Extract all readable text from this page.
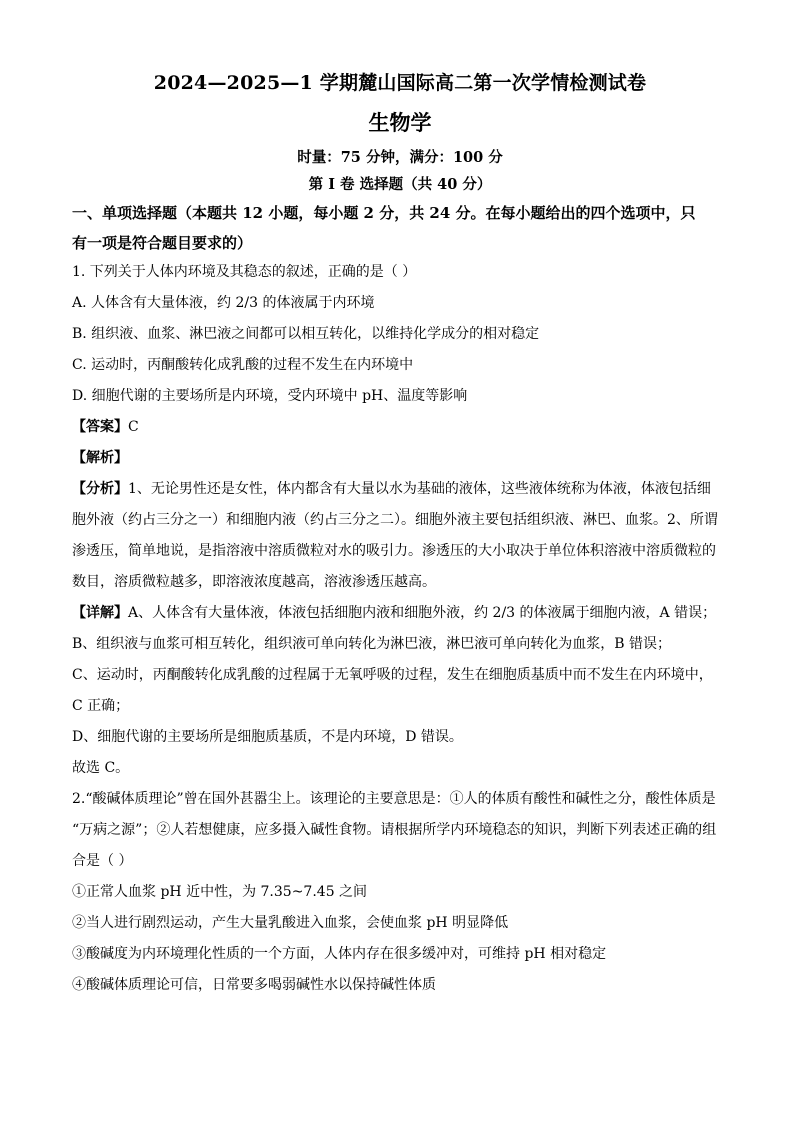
2024—2025—1 学期麓山国际高二第一次学情检测试卷
生物学

时量：75 分钟，满分：100 分

第 I 卷 选择题（共 40 分）

一、单项选择题（本题共 12 小题，每小题 2 分，共 24 分。在每小题给出的四个选项中，只

有一项是符合题目要求的）

1. 下列关于人体内环境及其稳态的叙述，正确的是（ ）

A. 人体含有大量体液，约 2/3 的体液属于内环境

B. 组织液、血浆、淋巴液之间都可以相互转化，以维持化学成分的相对稳定

C. 运动时，丙酮酸转化成乳酸的过程不发生在内环境中

D. 细胞代谢的主要场所是内环境，受内环境中 pH、温度等影响

【答案】C

【解析】

【分析】1、无论男性还是女性，体内都含有大量以水为基础的液体，这些液体统称为体液，体液包括细

胞外液（约占三分之一）和细胞内液（约占三分之二）。细胞外液主要包括组织液、淋巴、血浆。2、所谓

渗透压，简单地说，是指溶液中溶质微粒对水的吸引力。渗透压的大小取决于单位体积溶液中溶质微粒的

数目，溶质微粒越多，即溶液浓度越高，溶液渗透压越高。

【详解】A、人体含有大量体液，体液包括细胞内液和细胞外液，约 2/3 的体液属于细胞内液，A 错误；

B、组织液与血浆可相互转化，组织液可单向转化为淋巴液，淋巴液可单向转化为血浆，B 错误；

C、运动时，丙酮酸转化成乳酸的过程属于无氧呼吸的过程，发生在细胞质基质中而不发生在内环境中，

C 正确；

D、细胞代谢的主要场所是细胞质基质，不是内环境，D 错误。

故选 C。

2.“酸碱体质理论”曾在国外甚嚣尘上。该理论的主要意思是：①人的体质有酸性和碱性之分，酸性体质是

“万病之源”；②人若想健康，应多摄入碱性食物。请根据所学内环境稳态的知识，判断下列表述正确的组

合是（ ）

①正常人血浆 pH 近中性，为 7.35~7.45 之间

②当人进行剧烈运动，产生大量乳酸进入血浆，会使血浆 pH 明显降低

③酸碱度为内环境理化性质的一个方面，人体内存在很多缓冲对，可维持 pH 相对稳定

④酸碱体质理论可信，日常要多喝弱碱性水以保持碱性体质
